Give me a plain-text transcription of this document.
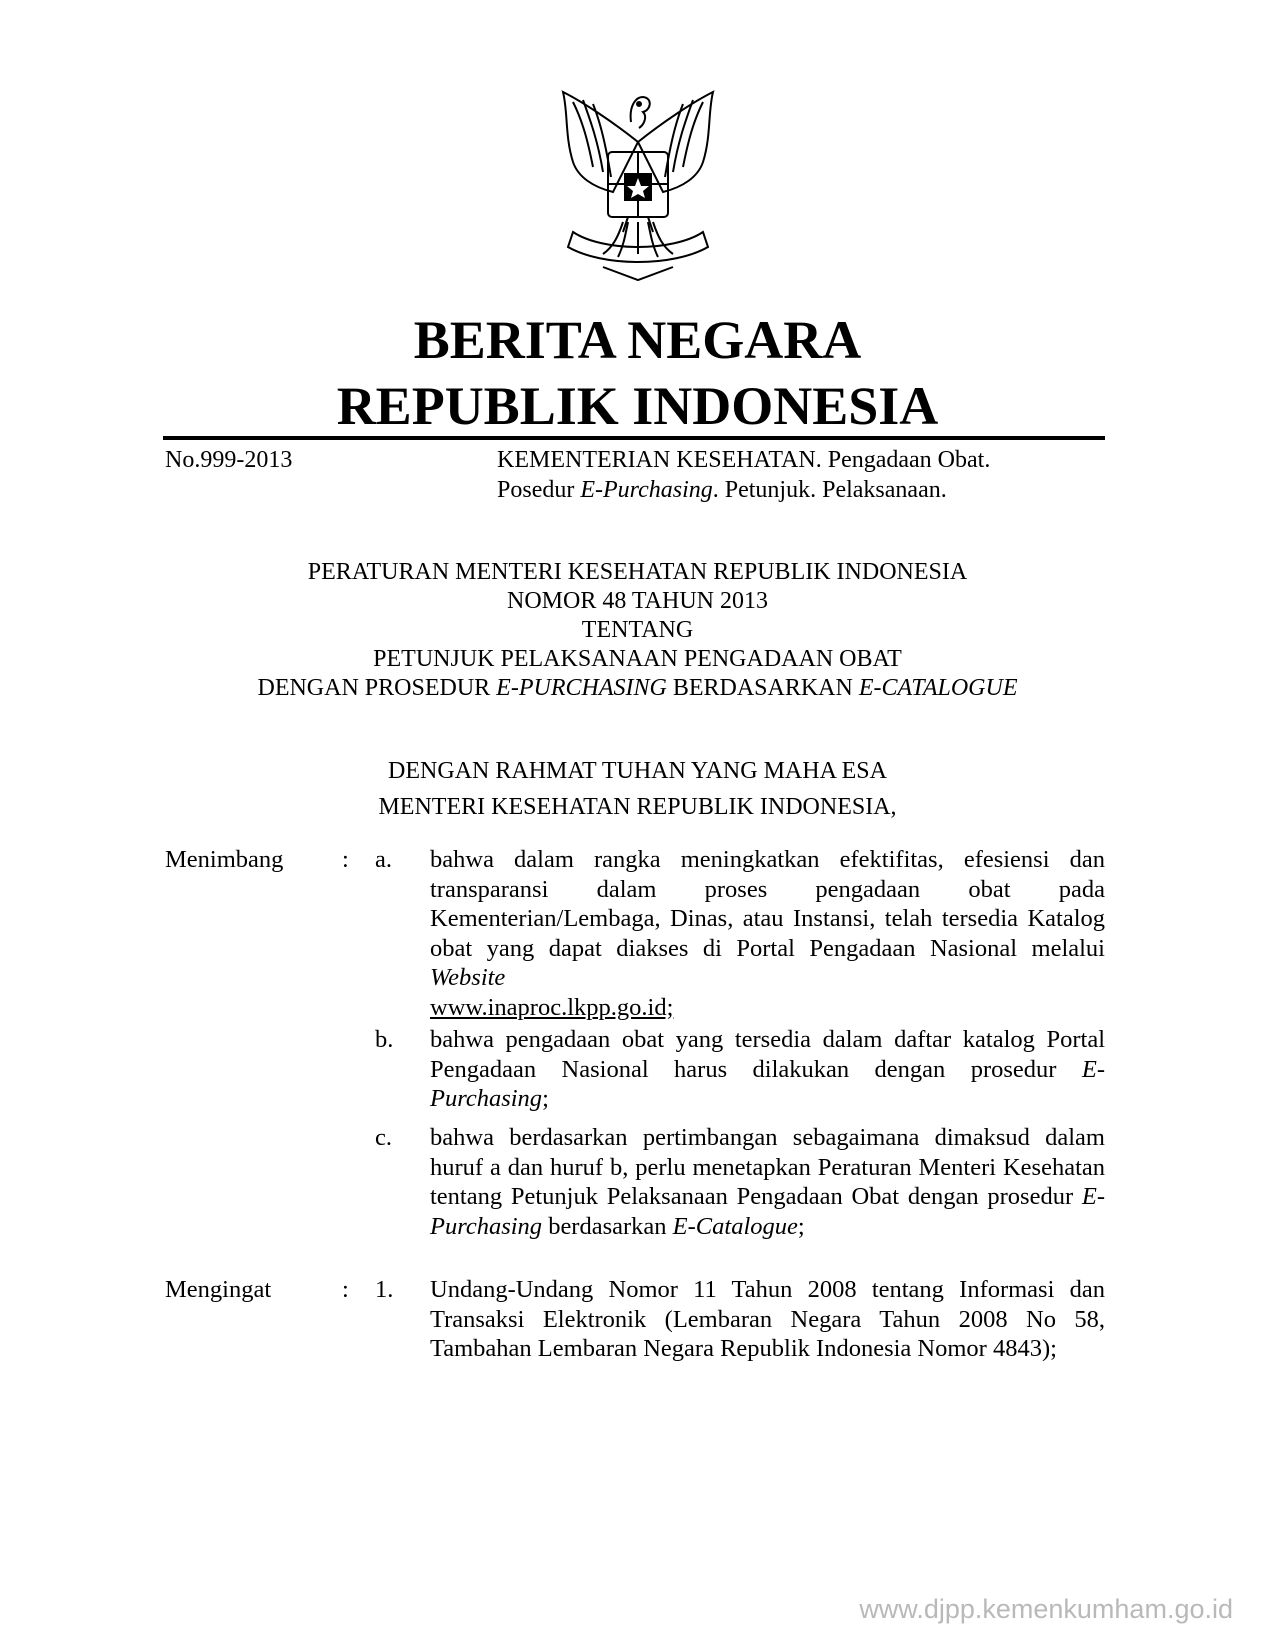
BERITA NEGARA
REPUBLIK INDONESIA
No.999-2013	KEMENTERIAN KESEHATAN. Pengadaan Obat.
Posedur E-Purchasing. Petunjuk. Pelaksanaan.
PERATURAN MENTERI KESEHATAN REPUBLIK INDONESIA
NOMOR 48 TAHUN 2013
TENTANG
PETUNJUK PELAKSANAAN PENGADAAN OBAT
DENGAN PROSEDUR E-PURCHASING BERDASARKAN E-CATALOGUE
DENGAN RAHMAT TUHAN YANG MAHA ESA
MENTERI KESEHATAN REPUBLIK INDONESIA,
Menimbang : a. bahwa dalam rangka meningkatkan efektifitas, efesiensi dan transparansi dalam proses pengadaan obat pada Kementerian/Lembaga, Dinas, atau Instansi, telah tersedia Katalog obat yang dapat diakses di Portal Pengadaan Nasional melalui Website
www.inaproc.lkpp.go.id;
b. bahwa pengadaan obat yang tersedia dalam daftar katalog Portal Pengadaan Nasional harus dilakukan dengan prosedur E-Purchasing;
c. bahwa berdasarkan pertimbangan sebagaimana dimaksud dalam huruf a dan huruf b, perlu menetapkan Peraturan Menteri Kesehatan tentang Petunjuk Pelaksanaan Pengadaan Obat dengan prosedur E- Purchasing berdasarkan E-Catalogue;
Mengingat	: 1. Undang-Undang Nomor 11 Tahun 2008 tentang Informasi dan Transaksi Elektronik (Lembaran Negara Tahun 2008 No 58, Tambahan Lembaran Negara Republik Indonesia Nomor 4843);
www.djpp.kemenkumham.go.id
